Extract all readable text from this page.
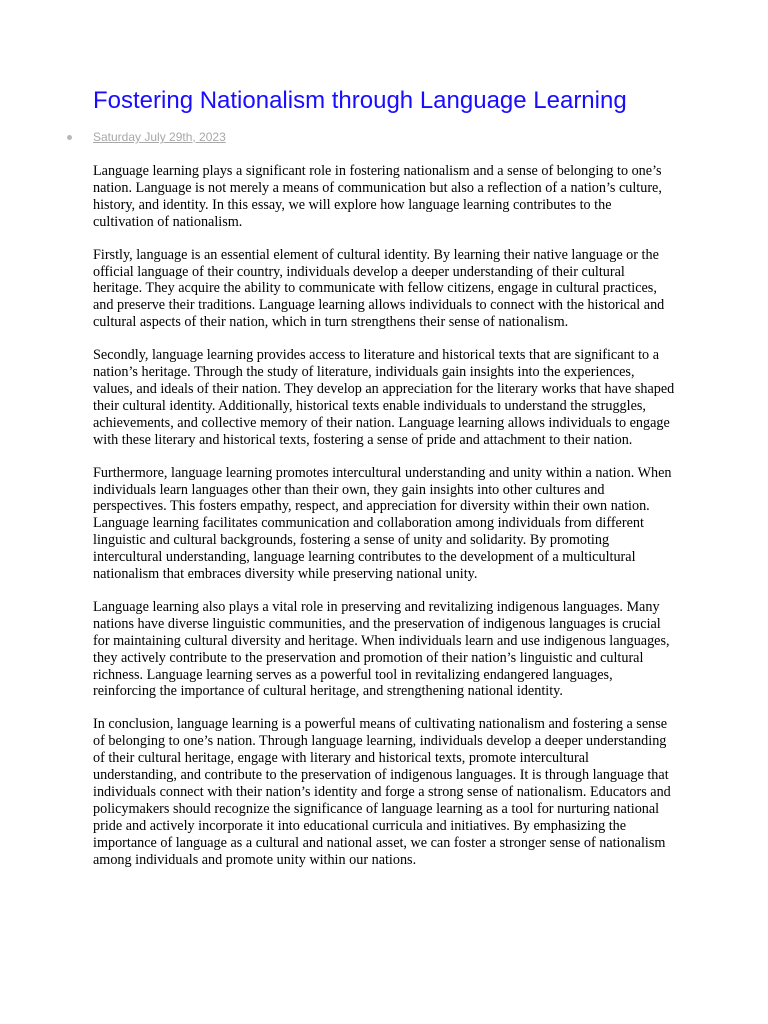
Fostering Nationalism through Language Learning
Saturday July 29th, 2023

Language learning plays a significant role in fostering nationalism and a sense of belonging to one’s nation. Language is not merely a means of communication but also a reflection of a nation’s culture, history, and identity. In this essay, we will explore how language learning contributes to the cultivation of nationalism.

Firstly, language is an essential element of cultural identity. By learning their native language or the official language of their country, individuals develop a deeper understanding of their cultural heritage. They acquire the ability to communicate with fellow citizens, engage in cultural practices, and preserve their traditions. Language learning allows individuals to connect with the historical and cultural aspects of their nation, which in turn strengthens their sense of nationalism.

Secondly, language learning provides access to literature and historical texts that are significant to a nation’s heritage. Through the study of literature, individuals gain insights into the experiences, values, and ideals of their nation. They develop an appreciation for the literary works that have shaped their cultural identity. Additionally, historical texts enable individuals to understand the struggles, achievements, and collective memory of their nation. Language learning allows individuals to engage with these literary and historical texts, fostering a sense of pride and attachment to their nation.

Furthermore, language learning promotes intercultural understanding and unity within a nation. When individuals learn languages other than their own, they gain insights into other cultures and perspectives. This fosters empathy, respect, and appreciation for diversity within their own nation. Language learning facilitates communication and collaboration among individuals from different linguistic and cultural backgrounds, fostering a sense of unity and solidarity. By promoting intercultural understanding, language learning contributes to the development of a multicultural nationalism that embraces diversity while preserving national unity.

Language learning also plays a vital role in preserving and revitalizing indigenous languages. Many nations have diverse linguistic communities, and the preservation of indigenous languages is crucial for maintaining cultural diversity and heritage. When individuals learn and use indigenous languages, they actively contribute to the preservation and promotion of their nation’s linguistic and cultural richness. Language learning serves as a powerful tool in revitalizing endangered languages, reinforcing the importance of cultural heritage, and strengthening national identity.

In conclusion, language learning is a powerful means of cultivating nationalism and fostering a sense of belonging to one’s nation. Through language learning, individuals develop a deeper understanding of their cultural heritage, engage with literary and historical texts, promote intercultural understanding, and contribute to the preservation of indigenous languages. It is through language that individuals connect with their nation’s identity and forge a strong sense of nationalism. Educators and policymakers should recognize the significance of language learning as a tool for nurturing national pride and actively incorporate it into educational curricula and initiatives. By emphasizing the importance of language as a cultural and national asset, we can foster a stronger sense of nationalism among individuals and promote unity within our nations.
